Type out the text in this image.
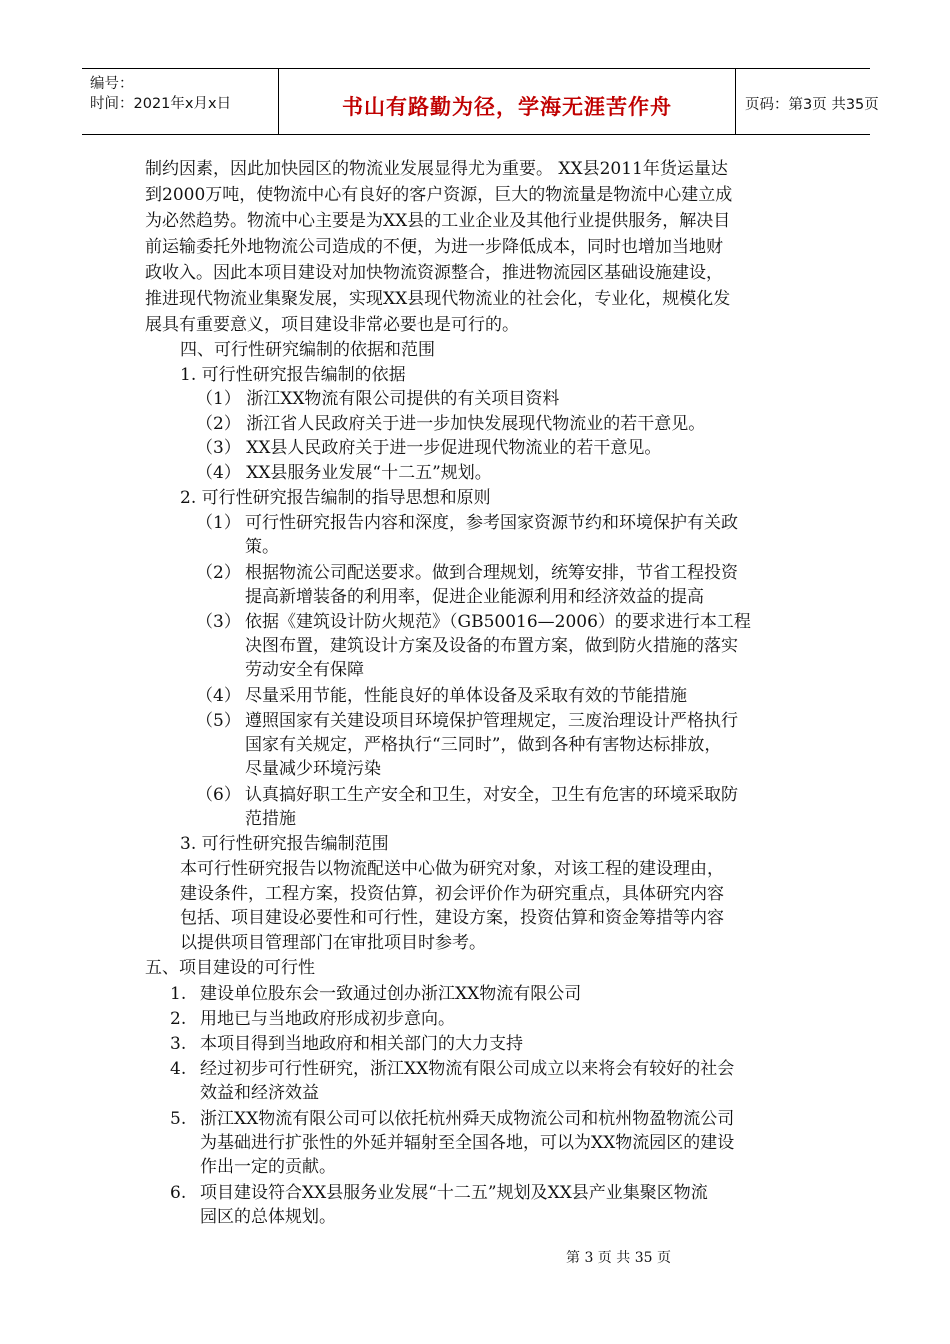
编号：
时间：2021年x月x日	书山有路勤为径，学海无涯苦作舟	页码：第3页 共35页
制约因素，因此加快园区的物流业发展显得尤为重要。 XX县2011年货运量达
到2000万吨，使物流中心有良好的客户资源，巨大的物流量是物流中心建立成
为必然趋势。物流中心主要是为XX县的工业企业及其他行业提供服务，解决目
前运输委托外地物流公司造成的不便，为进一步降低成本，同时也增加当地财
政收入。因此本项目建设对加快物流资源整合，推进物流园区基础设施建设，
推进现代物流业集聚发展，实现XX县现代物流业的社会化，专业化，规模化发
展具有重要意义，项目建设非常必要也是可行的。
四、可行性研究编制的依据和范围
1. 可行性研究报告编制的依据
（1） 浙江XX物流有限公司提供的有关项目资料
（2） 浙江省人民政府关于进一步加快发展现代物流业的若干意见。
（3） XX县人民政府关于进一步促进现代物流业的若干意见。
（4） XX县服务业发展“十二五”规划。
2. 可行性研究报告编制的指导思想和原则
（1） 可行性研究报告内容和深度，参考国家资源节约和环境保护有关政
策。
（2） 根据物流公司配送要求。做到合理规划，统筹安排，节省工程投资
提高新增装备的利用率，促进企业能源利用和经济效益的提高
（3） 依据《建筑设计防火规范》（GB50016—2006）的要求进行本工程
决图布置，建筑设计方案及设备的布置方案，做到防火措施的落实
劳动安全有保障
（4） 尽量采用节能，性能良好的单体设备及采取有效的节能措施
（5） 遵照国家有关建设项目环境保护管理规定，三废治理设计严格执行
国家有关规定，严格执行“三同时”，做到各种有害物达标排放，
尽量减少环境污染
（6） 认真搞好职工生产安全和卫生，对安全，卫生有危害的环境采取防
范措施
3. 可行性研究报告编制范围
本可行性研究报告以物流配送中心做为研究对象，对该工程的建设理由，
建设条件，工程方案，投资估算，初会评价作为研究重点，具体研究内容
包括、项目建设必要性和可行性，建设方案，投资估算和资金筹措等内容
以提供项目管理部门在审批项目时参考。
五、项目建设的可行性
1. 建设单位股东会一致通过创办浙江XX物流有限公司
2. 用地已与当地政府形成初步意向。
3. 本项目得到当地政府和相关部门的大力支持
4. 经过初步可行性研究，浙江XX物流有限公司成立以来将会有较好的社会
效益和经济效益
5. 浙江XX物流有限公司可以依托杭州舜天成物流公司和杭州物盈物流公司
为基础进行扩张性的外延并辐射至全国各地，可以为XX物流园区的建设
作出一定的贡献。
6. 项目建设符合XX县服务业发展“十二五”规划及XX县产业集聚区物流
园区的总体规划。
第 3 页 共 35 页
